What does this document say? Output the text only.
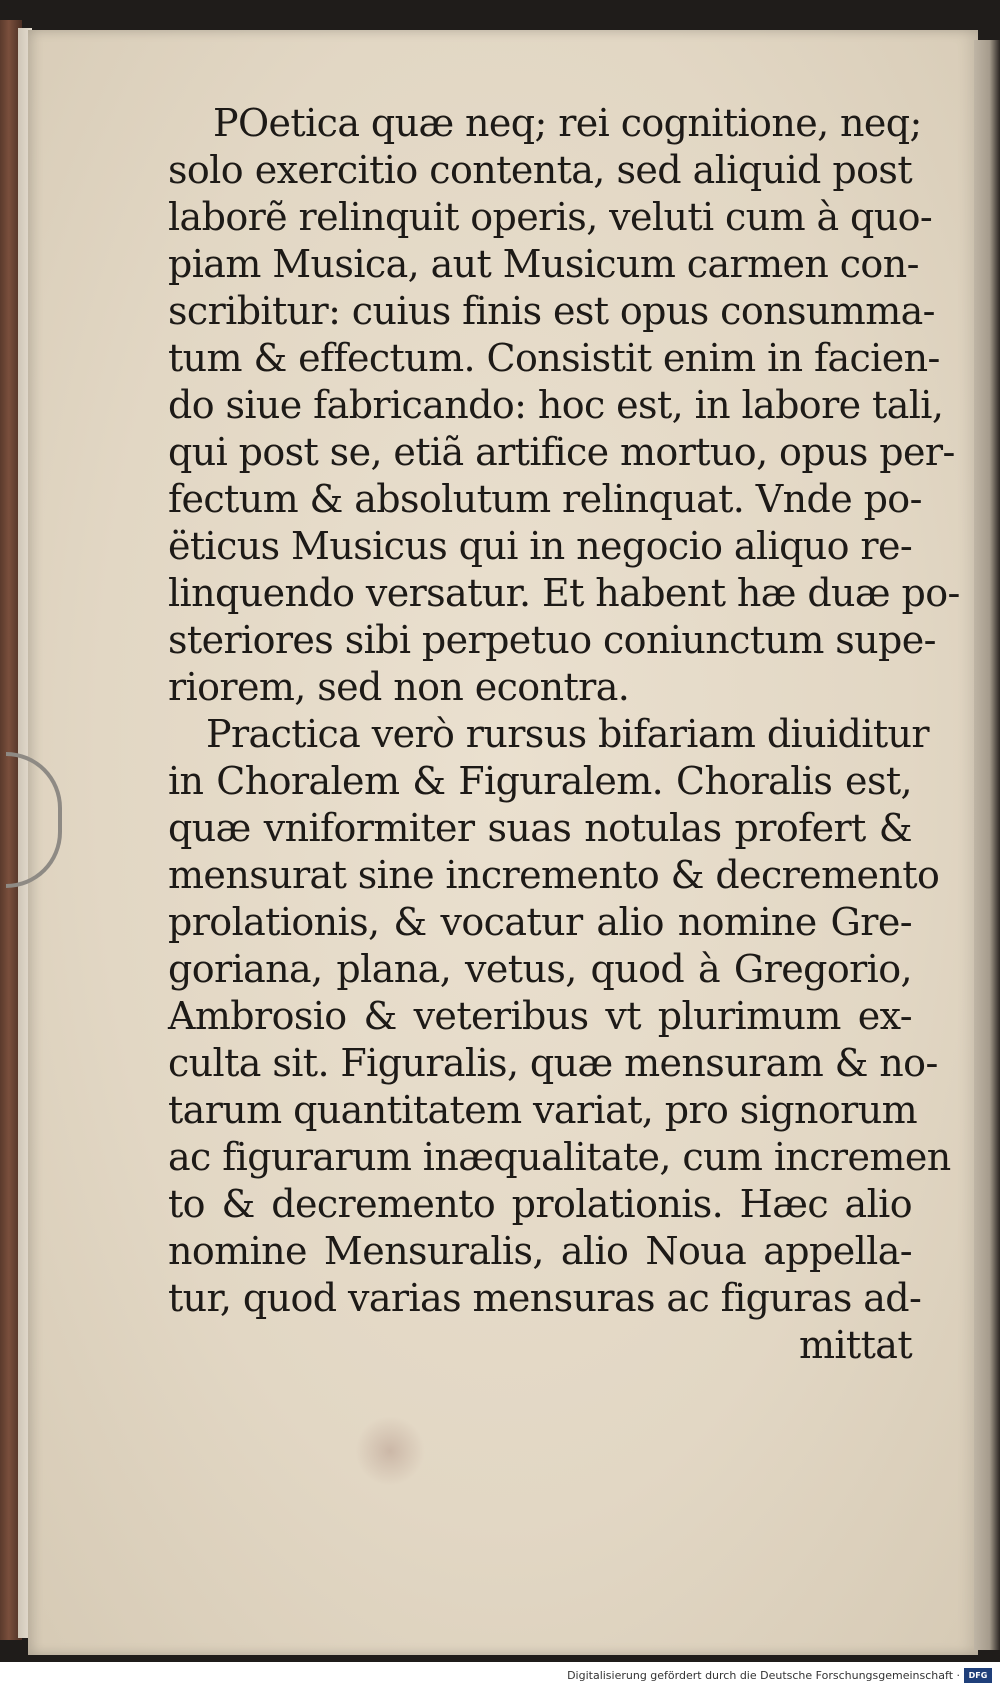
POetica quæ neq; rei cognitione, neq;
solo exercitio contenta, sed aliquid post
laborẽ relinquit operis, veluti cum à quo-
piam Musica, aut Musicum carmen con-
scribitur: cuius finis est opus consumma-
tum & effectum. Consistit enim in facien-
do siue fabricando: hoc est, in labore tali,
qui post se, etiã artifice mortuo, opus per-
fectum & absolutum relinquat. Vnde po-
ëticus Musicus qui in negocio aliquo re-
linquendo versatur. Et habent hæ duæ po-
steriores sibi perpetuo coniunctum supe-
riorem, sed non econtra.
Practica verò rursus bifariam diuiditur
in Choralem & Figuralem. Choralis est,
quæ vniformiter suas notulas profert &
mensurat sine incremento & decremento
prolationis, & vocatur alio nomine Gre-
goriana, plana, vetus, quod à Gregorio,
Ambrosio & veteribus vt plurimum ex-
culta sit. Figuralis, quæ mensuram & no-
tarum quantitatem variat, pro signorum
ac figurarum inæqualitate, cum incremen
to & decremento prolationis. Hæc alio
nomine Mensuralis, alio Noua appella-
tur, quod varias mensuras ac figuras ad-
mittat
Digitalisierung gefördert durch die Deutsche Forschungsgemeinschaft ·	DFG
